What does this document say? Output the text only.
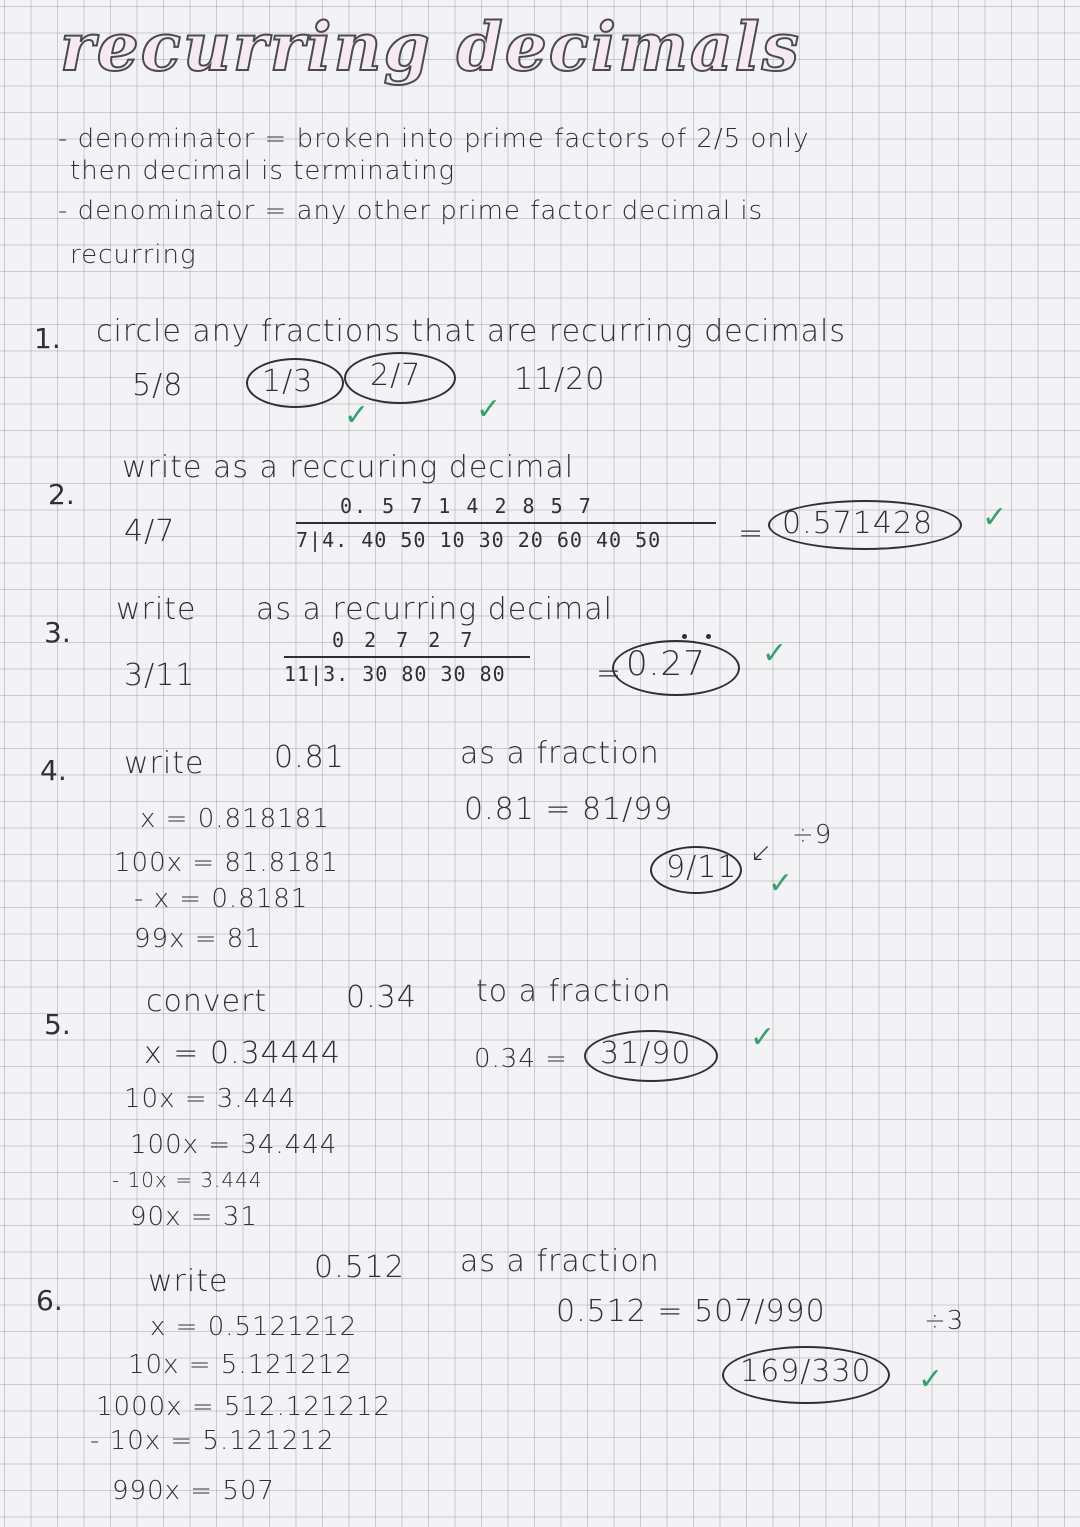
recurring decimals
- denominator = broken into prime factors of 2/5 only
then decimal is terminating
- denominator = any other prime factor decimal is
recurring
1. circle any fractions that are recurring decimals
5/8	1/3 2/7	11/20
✓	✓
2.
write as a reccuring decimal
4/7
0. 5 7 1 4 2 8 5 7
7|4. 40 50 10 30 20 60 40 50	= 0.571428 ✓
3.
write as a recurring decimal
3/11
0 2 7 2 7
11|3. 30 80 30 80	= 0.27 ✓
4. write 0.81	as a fraction
x = 0.818181
100x = 81.8181
- x = 0.8181
99x = 81
0.81 = 81/99
÷9
9/11 ↙
✓
5.
convert	0.34 to a fraction
x = 0.34444
10x = 3.444
100x = 34.444
- 10x = 3.444
90x = 31
0.34 = 31/90 ✓
6.
write	0.512 as a fraction
x = 0.5121212
10x = 5.121212
1000x = 512.121212
- 10x = 5.121212
990x = 507
0.512 = 507/990	÷3
169/330 ✓
